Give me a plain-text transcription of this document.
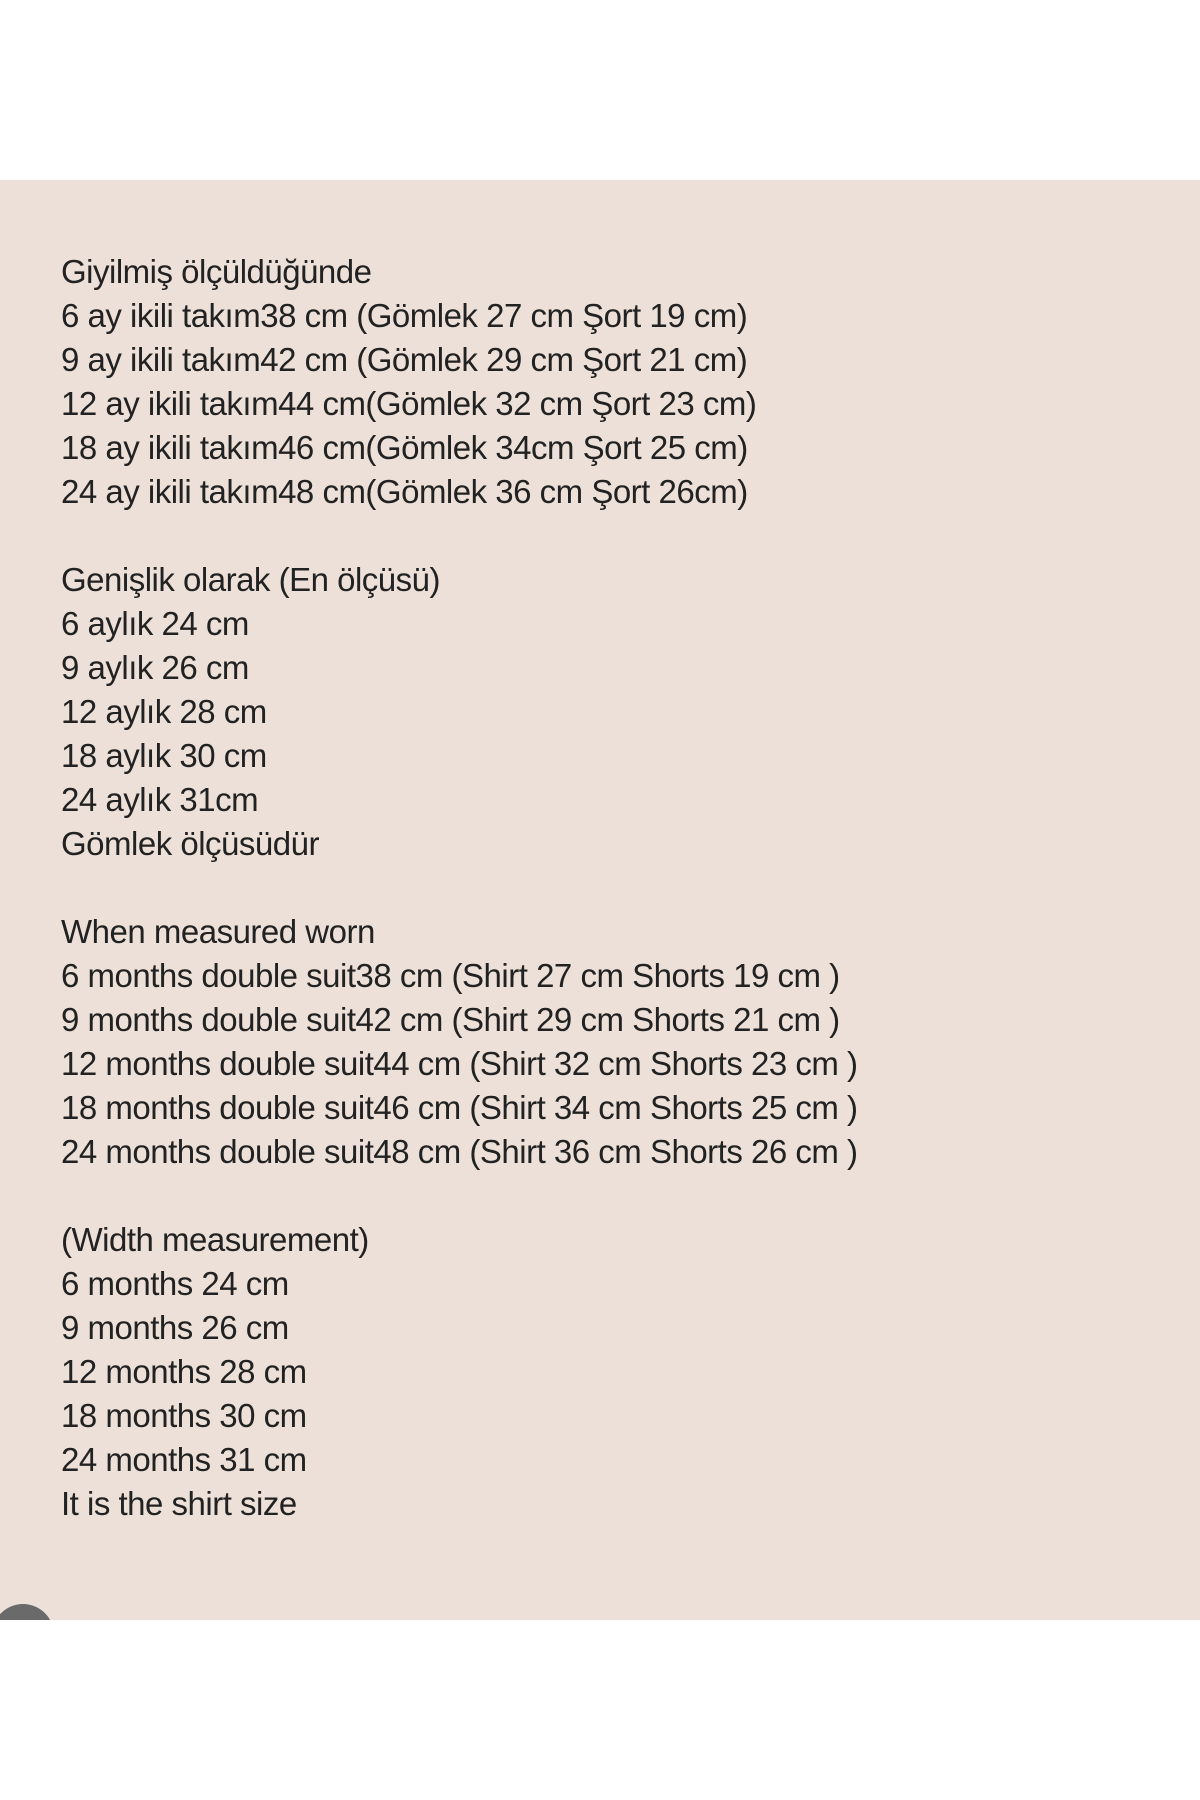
Giyilmiş ölçüldüğünde
6 ay ikili takım38 cm (Gömlek 27 cm Şort 19 cm)
9 ay ikili takım42 cm (Gömlek 29 cm Şort 21 cm)
12 ay ikili takım44 cm(Gömlek 32 cm Şort 23 cm)
18 ay ikili takım46 cm(Gömlek 34cm Şort 25 cm)
24 ay ikili takım48 cm(Gömlek 36 cm Şort 26cm)
Genişlik olarak (En ölçüsü)
6 aylık 24 cm
9 aylık 26 cm
12 aylık 28 cm
18 aylık 30 cm
24 aylık 31cm
Gömlek ölçüsüdür
When measured worn
6 months double suit38 cm (Shirt 27 cm Shorts 19 cm )
9 months double suit42 cm (Shirt 29 cm Shorts 21 cm )
12 months double suit44 cm (Shirt 32 cm Shorts 23 cm )
18 months double suit46 cm (Shirt 34 cm Shorts 25 cm )
24 months double suit48 cm (Shirt 36 cm Shorts 26 cm )
(Width measurement)
6 months 24 cm
9 months 26 cm
12 months 28 cm
18 months 30 cm
24 months 31 cm
It is the shirt size
